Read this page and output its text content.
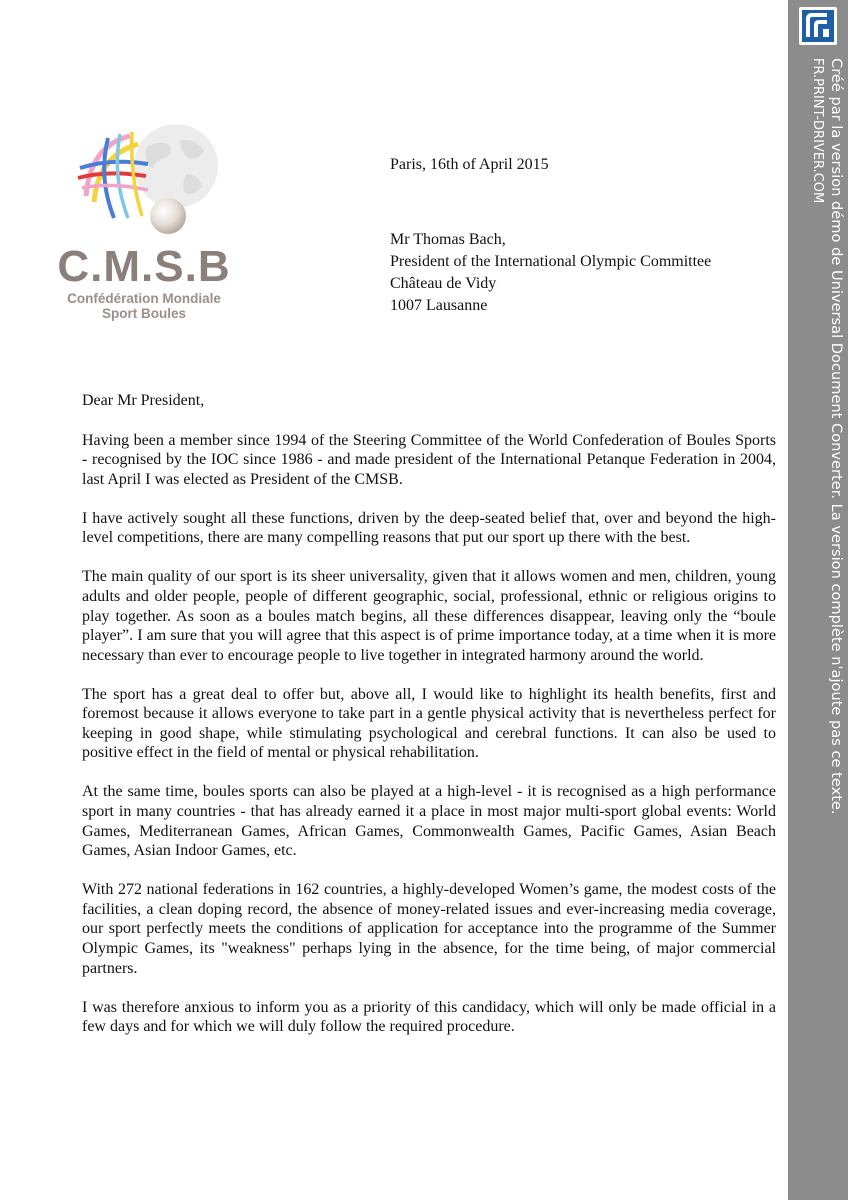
C.M.S.B
Confédération Mondiale
Sport Boules
Paris, 16th of April 2015
Mr Thomas Bach,
President of the International Olympic Committee
Château de Vidy
1007 Lausanne

Dear Mr President,

Having been a member since 1994 of the Steering Committee of the World Confederation of Boules Sports - recognised by the IOC since 1986 - and made president of the International Petanque Federation in 2004, last April I was elected as President of the CMSB.

I have actively sought all these functions, driven by the deep-seated belief that, over and beyond the high-level competitions, there are many compelling reasons that put our sport up there with the best.

The main quality of our sport is its sheer universality, given that it allows women and men, children, young adults and older people, people of different geographic, social, professional, ethnic or religious origins to play together. As soon as a boules match begins, all these differences disappear, leaving only the “boule player”. I am sure that you will agree that this aspect is of prime importance today, at a time when it is more necessary than ever to encourage people to live together in integrated harmony around the world.

The sport has a great deal to offer but, above all, I would like to highlight its health benefits, first and foremost because it allows everyone to take part in a gentle physical activity that is nevertheless perfect for keeping in good shape, while stimulating psychological and cerebral functions. It can also be used to positive effect in the field of mental or physical rehabilitation.

At the same time, boules sports can also be played at a high-level - it is recognised as a high performance sport in many countries - that has already earned it a place in most major multi-sport global events: World Games, Mediterranean Games, African Games, Commonwealth Games, Pacific Games, Asian Beach Games, Asian Indoor Games, etc.

With 272 national federations in 162 countries, a highly-developed Women’s game, the modest costs of the facilities, a clean doping record, the absence of money-related issues and ever-increasing media coverage, our sport perfectly meets the conditions of application for acceptance into the programme of the Summer Olympic Games, its "weakness" perhaps lying in the absence, for the time being, of major commercial partners.

I was therefore anxious to inform you as a priority of this candidacy, which will only be made official in a few days and for which we will duly follow the required procedure.

Créé par la version démo de Universal Document Converter. La version complète n'ajoute pas ce texte.
FR.PRINT-DRIVER.COM
